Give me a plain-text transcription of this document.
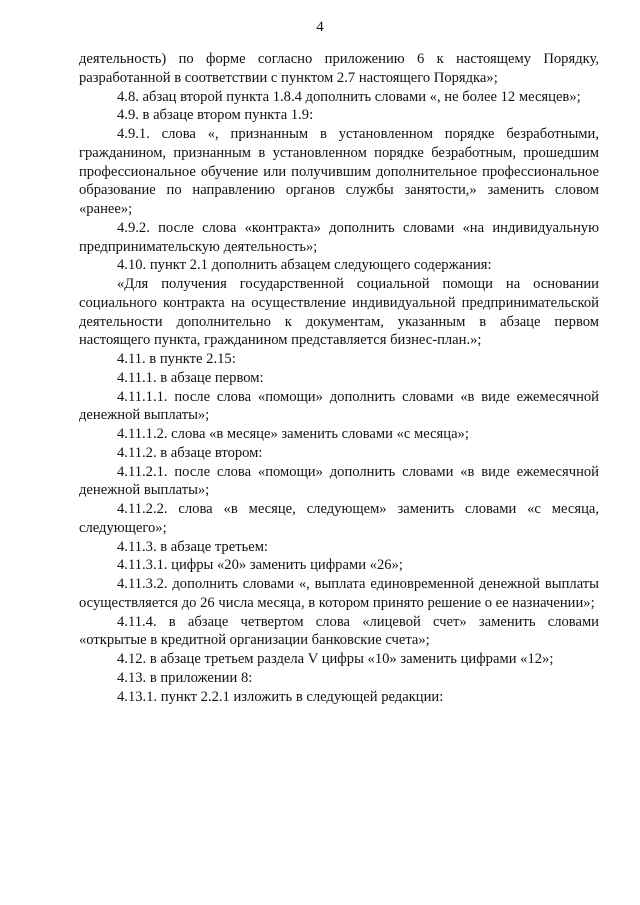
4

деятельность) по форме согласно приложению 6 к настоящему Порядку, разработанной в соответствии с пунктом 2.7 настоящего Порядка»;

4.8. абзац второй пункта 1.8.4 дополнить словами «, не более 12 месяцев»;

4.9. в абзаце втором пункта 1.9:

4.9.1. слова «, признанным в установленном порядке безработными, гражданином, признанным в установленном порядке безработным, прошедшим профессиональное обучение или получившим дополнительное профессиональное образование по направлению органов службы занятости,» заменить словом «ранее»;

4.9.2. после слова «контракта» дополнить словами «на индивидуальную предпринимательскую деятельность»;

4.10. пункт 2.1 дополнить абзацем следующего содержания:

«Для получения государственной социальной помощи на основании социального контракта на осуществление индивидуальной предпринимательской деятельности дополнительно к документам, указанным в абзаце первом настоящего пункта, гражданином представляется бизнес-план.»;

4.11. в пункте 2.15:

4.11.1. в абзаце первом:

4.11.1.1. после слова «помощи» дополнить словами «в виде ежемесячной денежной выплаты»;

4.11.1.2. слова «в месяце» заменить словами «с месяца»;

4.11.2. в абзаце втором:

4.11.2.1. после слова «помощи» дополнить словами «в виде ежемесячной денежной выплаты»;

4.11.2.2. слова «в месяце, следующем» заменить словами «с месяца, следующего»;

4.11.3. в абзаце третьем:

4.11.3.1. цифры «20» заменить цифрами «26»;

4.11.3.2. дополнить словами «, выплата единовременной денежной выплаты осуществляется до 26 числа месяца, в котором принято решение о ее назначении»;

4.11.4. в абзаце четвертом слова «лицевой счет» заменить словами «открытые в кредитной организации банковские счета»;

4.12. в абзаце третьем раздела V цифры «10» заменить цифрами «12»;

4.13. в приложении 8:

4.13.1. пункт 2.2.1 изложить в следующей редакции:
